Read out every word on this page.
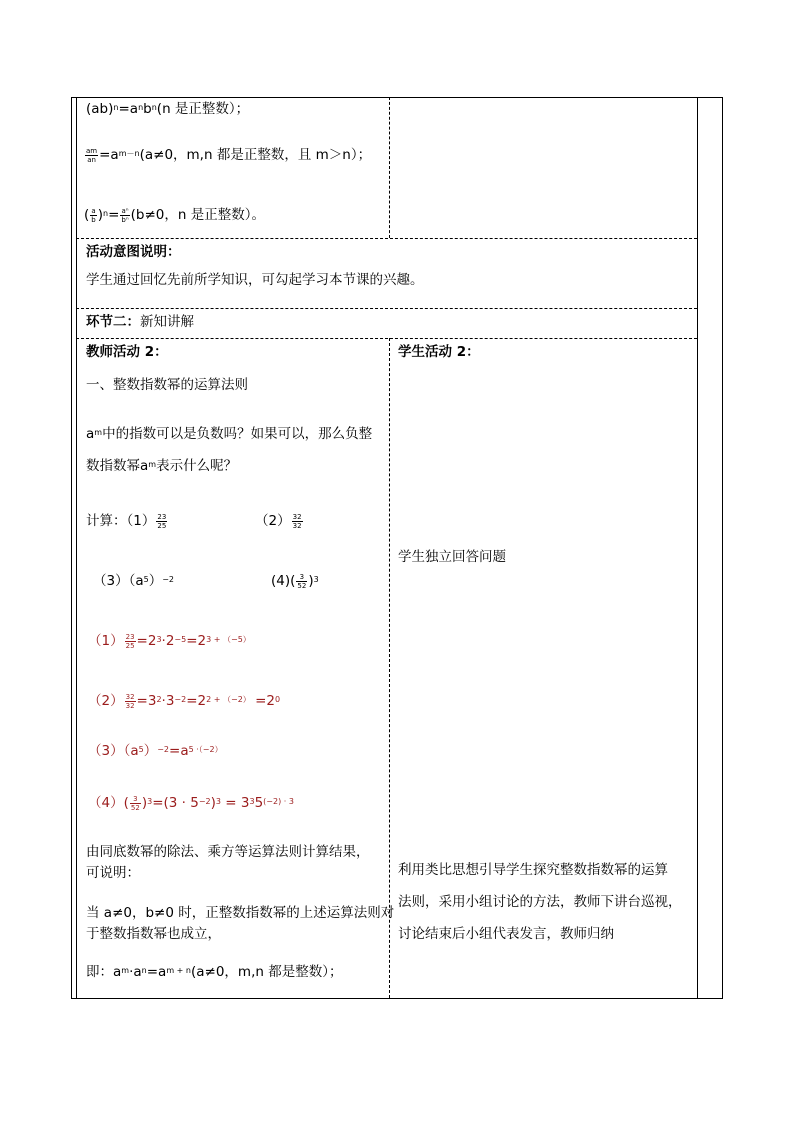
$(ab)^n=a^nb^n(n$ 是正整数）；
$\frac{am}{an} =a^{m-n}(a\ne 0$，m,n 都是正整数，且 m＞n）；
( $\frac{a}{b} )^n= \frac{\text{aⁿ}}{\text{bⁿ}} (b\ne 0$，n 是正整数）。
活动意图说明：
学生通过回忆先前所学知识，可勾起学习本节课的兴趣。
环节二：新知讲解
教师活动 2：
一、整数指数幂的运算法则
$a^m$中的指数可以是负数吗？如果可以，那么负整
数指数幂$a^m$表示什么呢？
计算：$(1) \frac{23}{25}$	$(2) \frac{32}{32}$
$(3)(a^5)^{-2}$	$(4)( \frac{3}{52} )^3$
$(1) \frac{23}{25} =2^3\cdot 2^{-5}=2^{3 + (-5)}$
$(2) \frac{32}{32} =3^2\cdot 3^{-2}=2^{2 + (-2)} =2^0$
$(3)(a^5)^{-2}=a^{5 \cdot(-2)}$
$(4)( \frac{3}{52} )^3=(3 \cdot 5^{-2})^3 = 3^35^{(-2) \cdot 3}$
由同底数幂的除法、乘方等运算法则计算结果，
可说明：
当 a≠0，b≠0 时，正整数指数幂的上述运算法则对
于整数指数幂也成立，
即：$a^m\cdot a^n=a^{m + n}(a\ne 0$，m,n 都是整数）；
学生活动 2：
学生独立回答问题
利用类比思想引导学生探究整数指数幂的运算
法则，采用小组讨论的方法，教师下讲台巡视，
讨论结束后小组代表发言，教师归纳
